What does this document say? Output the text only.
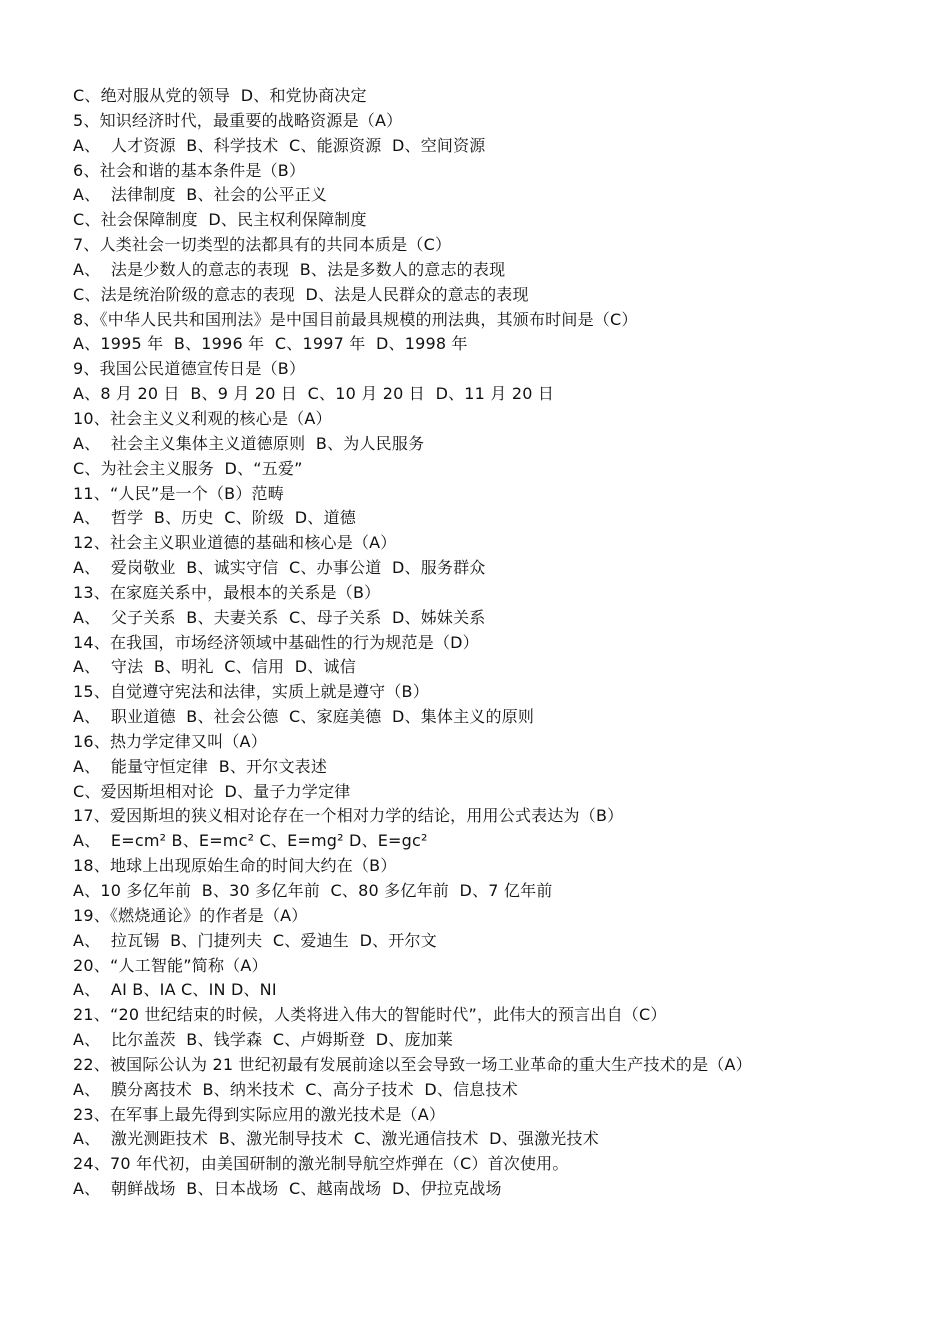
C、绝对服从党的领导  D、和党协商决定
5、知识经济时代，最重要的战略资源是（A）
A、  人才资源  B、科学技术  C、能源资源  D、空间资源
6、社会和谐的基本条件是（B）
A、  法律制度  B、社会的公平正义
C、社会保障制度  D、民主权利保障制度
7、人类社会一切类型的法都具有的共同本质是（C）
A、  法是少数人的意志的表现  B、法是多数人的意志的表现
C、法是统治阶级的意志的表现  D、法是人民群众的意志的表现
8、《中华人民共和国刑法》是中国目前最具规模的刑法典，其颁布时间是（C）
A、1995 年  B、1996 年  C、1997 年  D、1998 年
9、我国公民道德宣传日是（B）
A、8 月 20 日  B、9 月 20 日  C、10 月 20 日  D、11 月 20 日
10、社会主义义利观的核心是（A）
A、  社会主义集体主义道德原则  B、为人民服务
C、为社会主义服务  D、“五爱”
11、“人民”是一个（B）范畴
A、  哲学  B、历史  C、阶级  D、道德
12、社会主义职业道德的基础和核心是（A）
A、  爱岗敬业  B、诚实守信  C、办事公道  D、服务群众
13、在家庭关系中，最根本的关系是（B）
A、  父子关系  B、夫妻关系  C、母子关系  D、姊妹关系
14、在我国，市场经济领域中基础性的行为规范是（D）
A、  守法  B、明礼  C、信用  D、诚信
15、自觉遵守宪法和法律，实质上就是遵守（B）
A、  职业道德  B、社会公德  C、家庭美德  D、集体主义的原则
16、热力学定律又叫（A）
A、  能量守恒定律  B、开尔文表述
C、爱因斯坦相对论  D、量子力学定律
17、爱因斯坦的狭义相对论存在一个相对力学的结论，用用公式表达为（B）
A、  E=cm² B、E=mc² C、E=mg² D、E=gc²
18、地球上出现原始生命的时间大约在（B）
A、10 多亿年前  B、30 多亿年前  C、80 多亿年前  D、7 亿年前
19、《燃烧通论》的作者是（A）
A、  拉瓦锡  B、门捷列夫  C、爱迪生  D、开尔文
20、“人工智能”简称（A）
A、  AI B、IA C、IN D、NI
21、“20 世纪结束的时候，人类将进入伟大的智能时代”，此伟大的预言出自（C）
A、  比尔盖茨  B、钱学森  C、卢姆斯登  D、庞加莱
22、被国际公认为 21 世纪初最有发展前途以至会导致一场工业革命的重大生产技术的是（A）
A、  膜分离技术  B、纳米技术  C、高分子技术  D、信息技术
23、在军事上最先得到实际应用的激光技术是（A）
A、  激光测距技术  B、激光制导技术  C、激光通信技术  D、强激光技术
24、70 年代初，由美国研制的激光制导航空炸弹在（C）首次使用。
A、  朝鲜战场  B、日本战场  C、越南战场  D、伊拉克战场
